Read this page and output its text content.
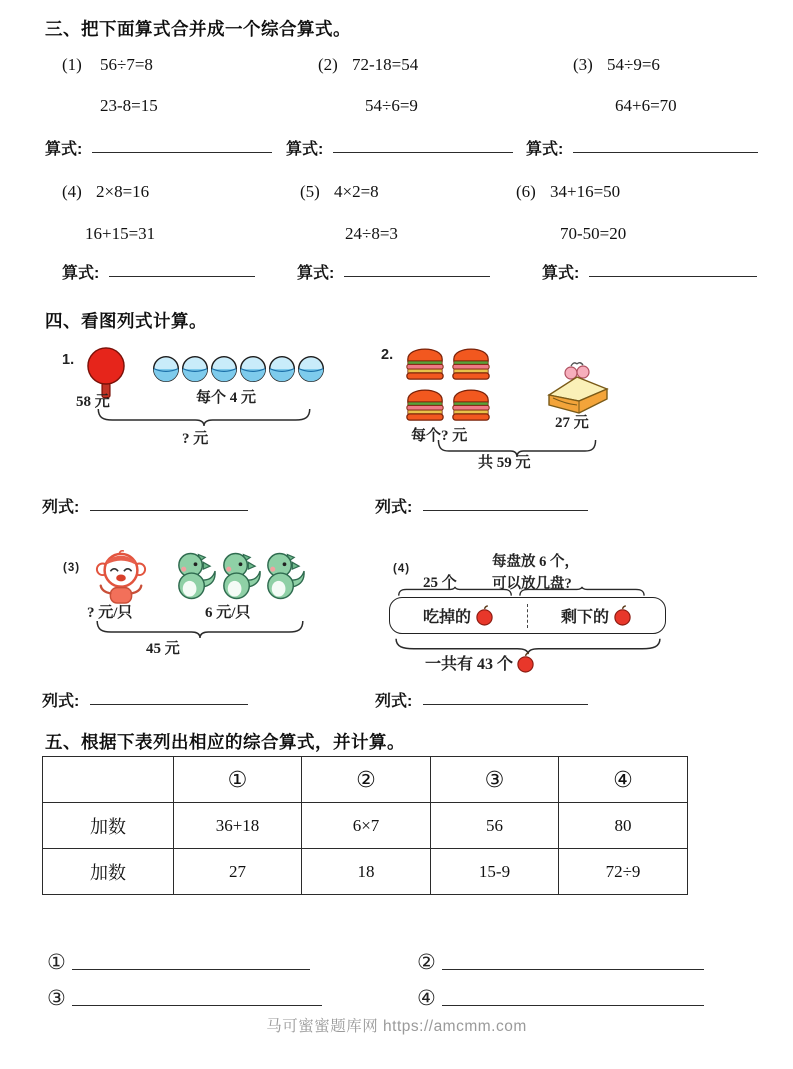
三、把下面算式合并成一个综合算式。
(1) 56÷7=8	(2) 72-18=54	(3) 54÷9=6
23-8=15	54÷6=9	64+6=70
算式:	算式:	算式:
(4) 2×8=16	(5) 4×2=8	(6) 34+16=50
16+15=31	24÷8=3	70-50=20
算式:	算式:	算式:
四、看图列式计算。
1.
58 元	每个 4 元
? 元
2.
每个? 元
27 元
共 59 元
列式:	列式:
(3)
? 元/只	6 元/只
45 元
(4)
25 个
每盘放 6 个，
可以放几盘?
吃掉的	剩下的
一共有 43 个
列式:	列式:
五、根据下表列出相应的综合算式，并计算。
	①	②	③	④
加数	36+18	6×7	56	80
加数	27	18	15-9	72÷9
①	②
③	④
马可蜜蜜题库网 https://amcmm.com
